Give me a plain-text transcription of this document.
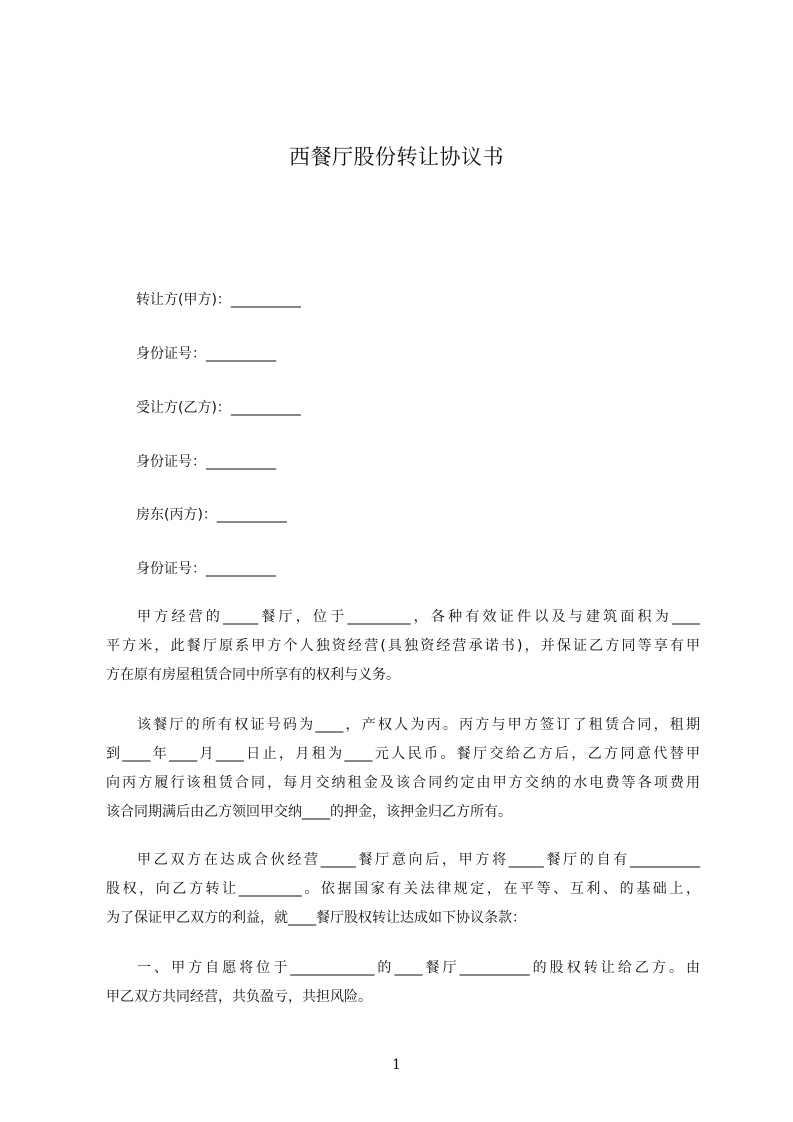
西餐厅股份转让协议书
转让方(甲方)：__________
身份证号：__________
受让方(乙方)：__________
身份证号：__________
房东(丙方)：__________
身份证号：__________
甲方经营的_____餐厅，位于_________，各种有效证件以及与建筑面积为____
平方米，此餐厅原系甲方个人独资经营(具独资经营承诺书)，并保证乙方同等享有甲
方在原有房屋租赁合同中所享有的权利与义务。
该餐厅的所有权证号码为____，产权人为丙。丙方与甲方签订了租赁合同，租期
到____年____月____日止，月租为____元人民币。餐厅交给乙方后，乙方同意代替甲
向丙方履行该租赁合同，每月交纳租金及该合同约定由甲方交纳的水电费等各项费用
该合同期满后由乙方领回甲交纳____的押金，该押金归乙方所有。
甲乙双方在达成合伙经营_____餐厅意向后，甲方将_____餐厅的自有__________
股权，向乙方转让_________。依据国家有关法律规定，在平等、互利、的基础上，
为了保证甲乙双方的利益，就____餐厅股权转让达成如下协议条款：
一、甲方自愿将位于____________的____餐厅__________的股权转让给乙方。由
甲乙双方共同经营，共负盈亏，共担风险。
1
